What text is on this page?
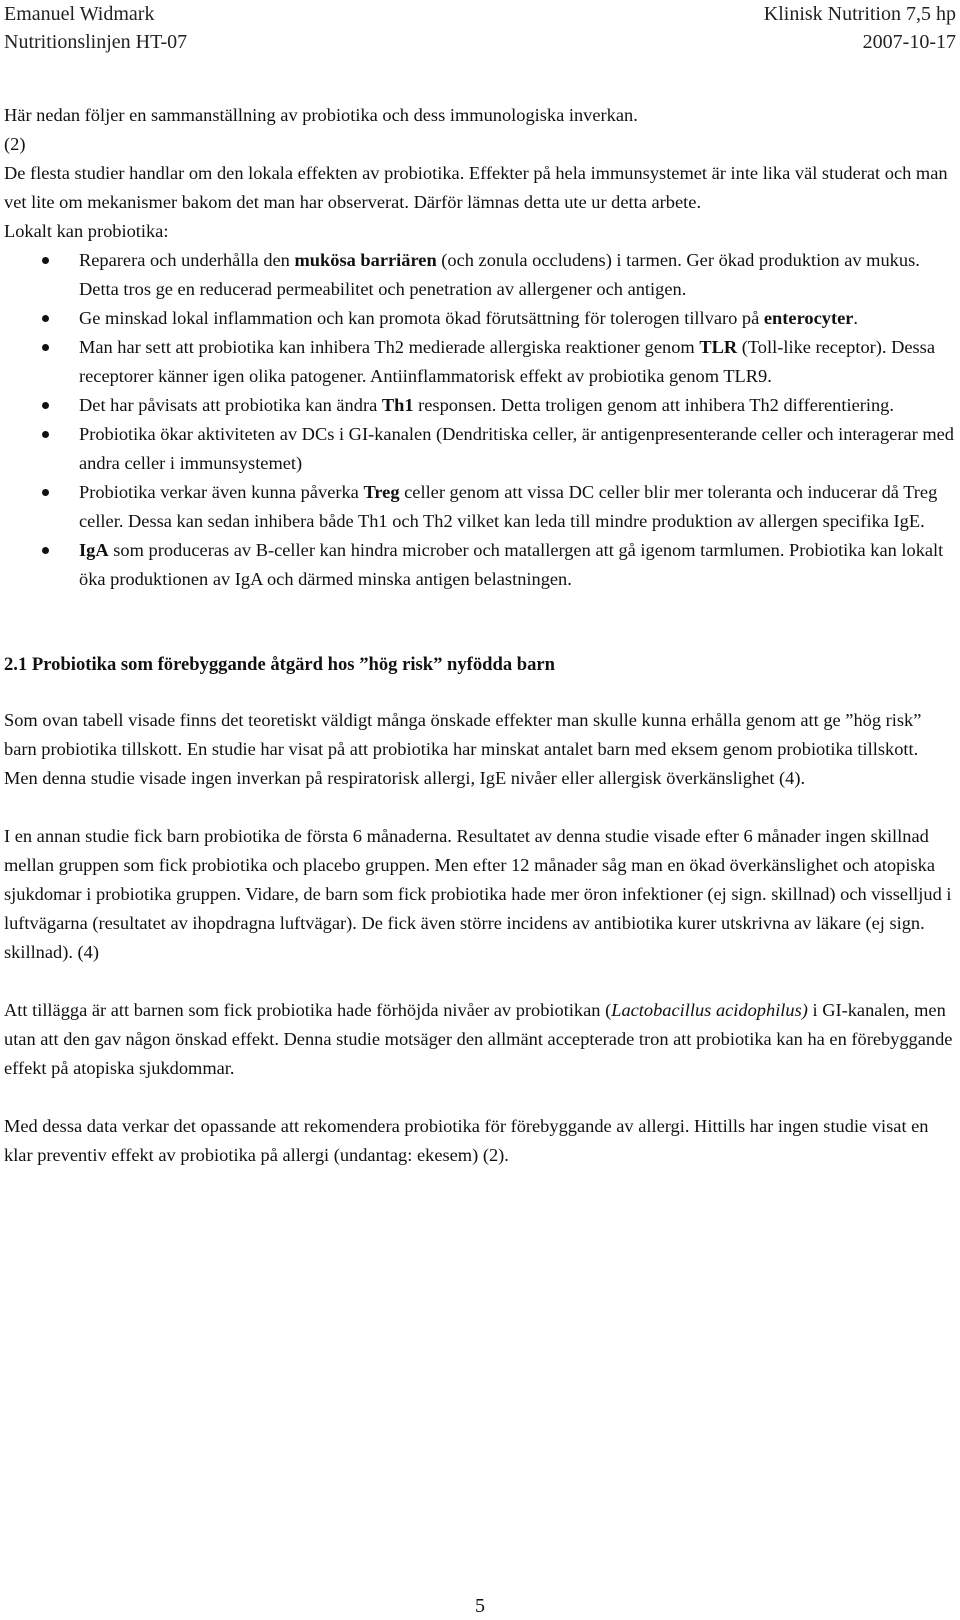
Emanuel Widmark	Klinisk Nutrition 7,5 hp
Nutritionslinjen HT-07	2007-10-17

Här nedan följer en sammanställning av probiotika och dess immunologiska inverkan.

(2)

De flesta studier handlar om den lokala effekten av probiotika. Effekter på hela immunsystemet är inte lika väl studerat och man vet lite om mekanismer bakom det man har observerat. Därför lämnas detta ute ur detta arbete.

Lokalt kan probiotika:

Reparera och underhålla den mukösa barriären (och zonula occludens) i tarmen. Ger ökad produktion av mukus. Detta tros ge en reducerad permeabilitet och penetration av allergener och antigen.
Ge minskad lokal inflammation och kan promota ökad förutsättning för tolerogen tillvaro på enterocyter.
Man har sett att probiotika kan inhibera Th2 medierade allergiska reaktioner genom TLR (Toll-like receptor). Dessa receptorer känner igen olika patogener. Antiinflammatorisk effekt av probiotika genom TLR9.
Det har påvisats att probiotika kan ändra Th1 responsen. Detta troligen genom att inhibera Th2 differentiering.
Probiotika ökar aktiviteten av DCs i GI-kanalen (Dendritiska celler, är antigenpresenterande celler och interagerar med andra celler i immunsystemet)
Probiotika verkar även kunna påverka Treg celler genom att vissa DC celler blir mer toleranta och inducerar då Treg celler. Dessa kan sedan inhibera både Th1 och Th2 vilket kan leda till mindre produktion av allergen specifika IgE.
IgA som produceras av B-celler kan hindra microber och matallergen att gå igenom tarmlumen. Probiotika kan lokalt öka produktionen av IgA och därmed minska antigen belastningen.

2.1 Probiotika som förebyggande åtgärd hos ”hög risk” nyfödda barn

Som ovan tabell visade finns det teoretiskt väldigt många önskade effekter man skulle kunna erhålla genom att ge ”hög risk” barn probiotika tillskott. En studie har visat på att probiotika har minskat antalet barn med eksem genom probiotika tillskott. Men denna studie visade ingen inverkan på respiratorisk allergi, IgE nivåer eller allergisk överkänslighet (4).

I en annan studie fick barn probiotika de första 6 månaderna. Resultatet av denna studie visade efter 6 månader ingen skillnad mellan gruppen som fick probiotika och placebo gruppen. Men efter 12 månader såg man en ökad överkänslighet och atopiska sjukdomar i probiotika gruppen. Vidare, de barn som fick probiotika hade mer öron infektioner (ej sign. skillnad) och visselljud i luftvägarna (resultatet av ihopdragna luftvägar). De fick även större incidens av antibiotika kurer utskrivna av läkare (ej sign. skillnad). (4)

Att tillägga är att barnen som fick probiotika hade förhöjda nivåer av probiotikan (Lactobacillus acidophilus) i GI-kanalen, men utan att den gav någon önskad effekt. Denna studie motsäger den allmänt accepterade tron att probiotika kan ha en förebyggande effekt på atopiska sjukdommar.

Med dessa data verkar det opassande att rekomendera probiotika för förebyggande av allergi. Hittills har ingen studie visat en klar preventiv effekt av probiotika på allergi (undantag: ekesem) (2).

5
